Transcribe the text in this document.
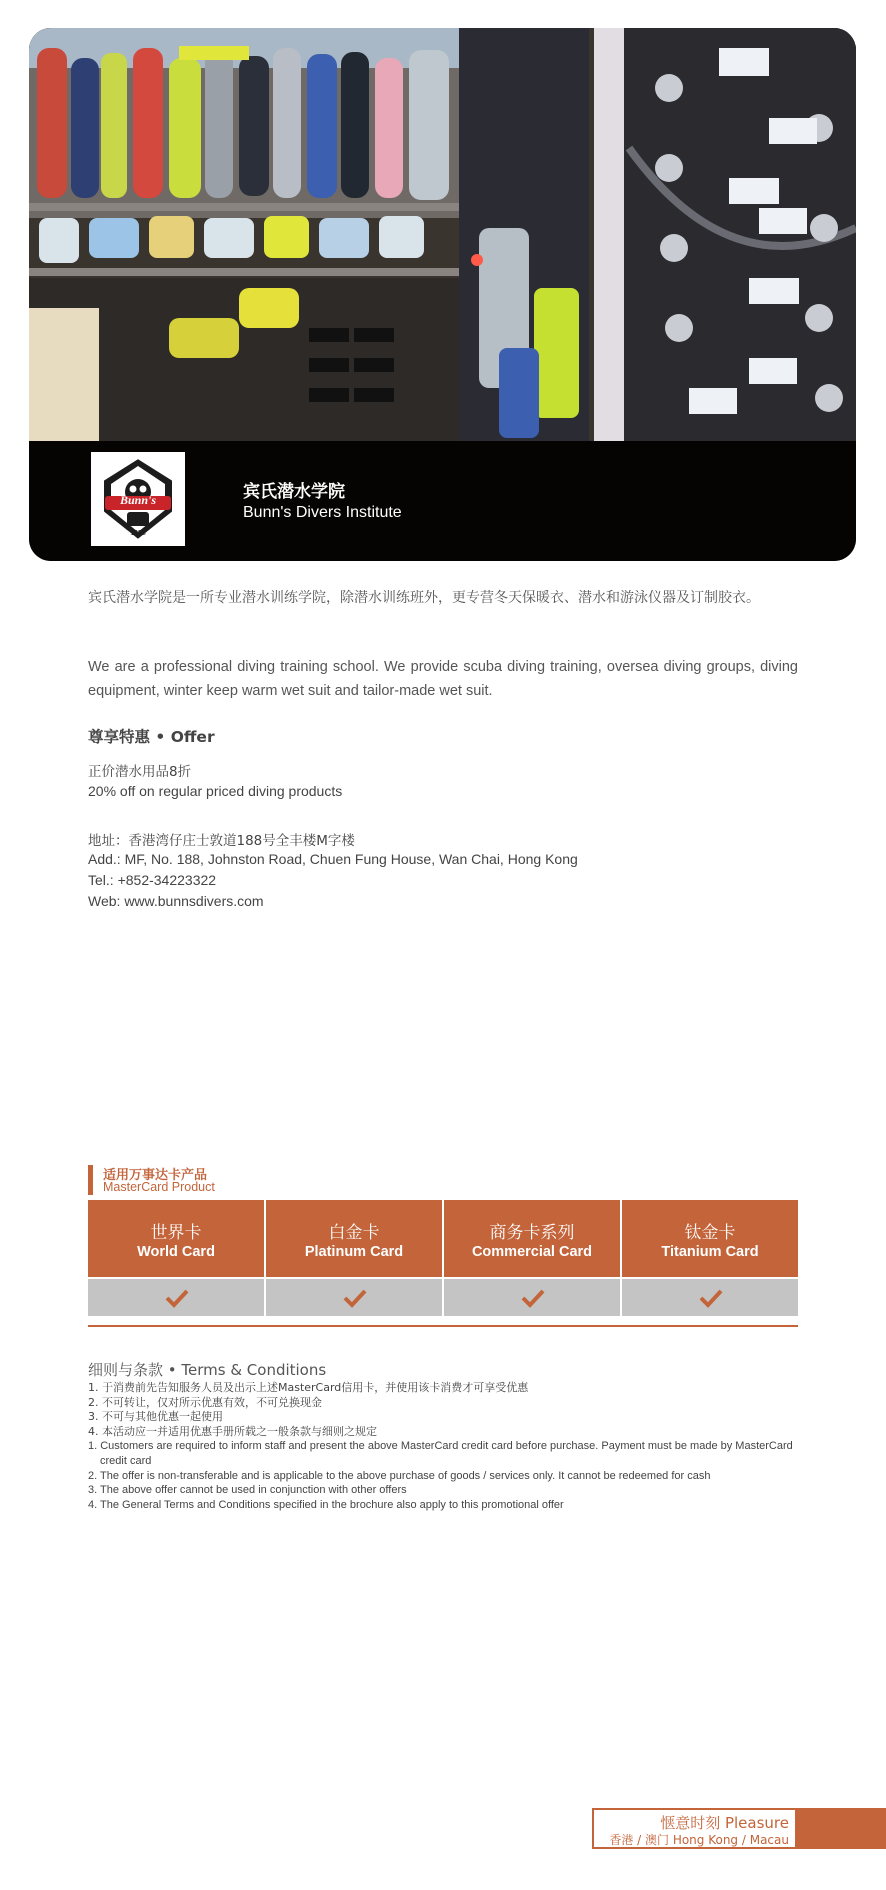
1958
Bunn's	宾氏潜水学院
Bunn's Divers Institute

宾氏潜水学院是一所专业潜水训练学院，除潜水训练班外，更专营冬天保暖衣、潜水和游泳仪器及订制胶衣。

We are a professional diving training school. We provide scuba diving training, oversea diving groups, diving equipment, winter keep warm wet suit and tailor-made wet suit.

尊享特惠 • Offer
正价潜水用品8折
20% off on regular priced diving products
地址：香港湾仔庄士敦道188号全丰楼M字楼
Add.: MF, No. 188, Johnston Road, Chuen Fung House, Wan Chai, Hong Kong
Tel.: +852-34223322
Web: www.bunnsdivers.com
适用万事达卡产品
MasterCard Product
世界卡
World Card
白金卡
Platinum Card
商务卡系列
Commercial Card
钛金卡
Titanium Card
细则与条款 • Terms & Conditions
1. 于消费前先告知服务人员及出示上述MasterCard信用卡，并使用该卡消费才可享受优惠
2. 不可转让，仅对所示优惠有效，不可兑换现金
3. 不可与其他优惠一起使用
4. 本活动应一并适用优惠手册所载之一般条款与细则之规定
1. Customers are required to inform staff and present the above MasterCard credit card before purchase. Payment must be made by MasterCard credit card
2. The offer is non-transferable and is applicable to the above purchase of goods / services only. It cannot be redeemed for cash
3. The above offer cannot be used in conjunction with other offers
4. The General Terms and Conditions specified in the brochure also apply to this promotional offer
惬意时刻 Pleasure
香港 / 澳门 Hong Kong / Macau
